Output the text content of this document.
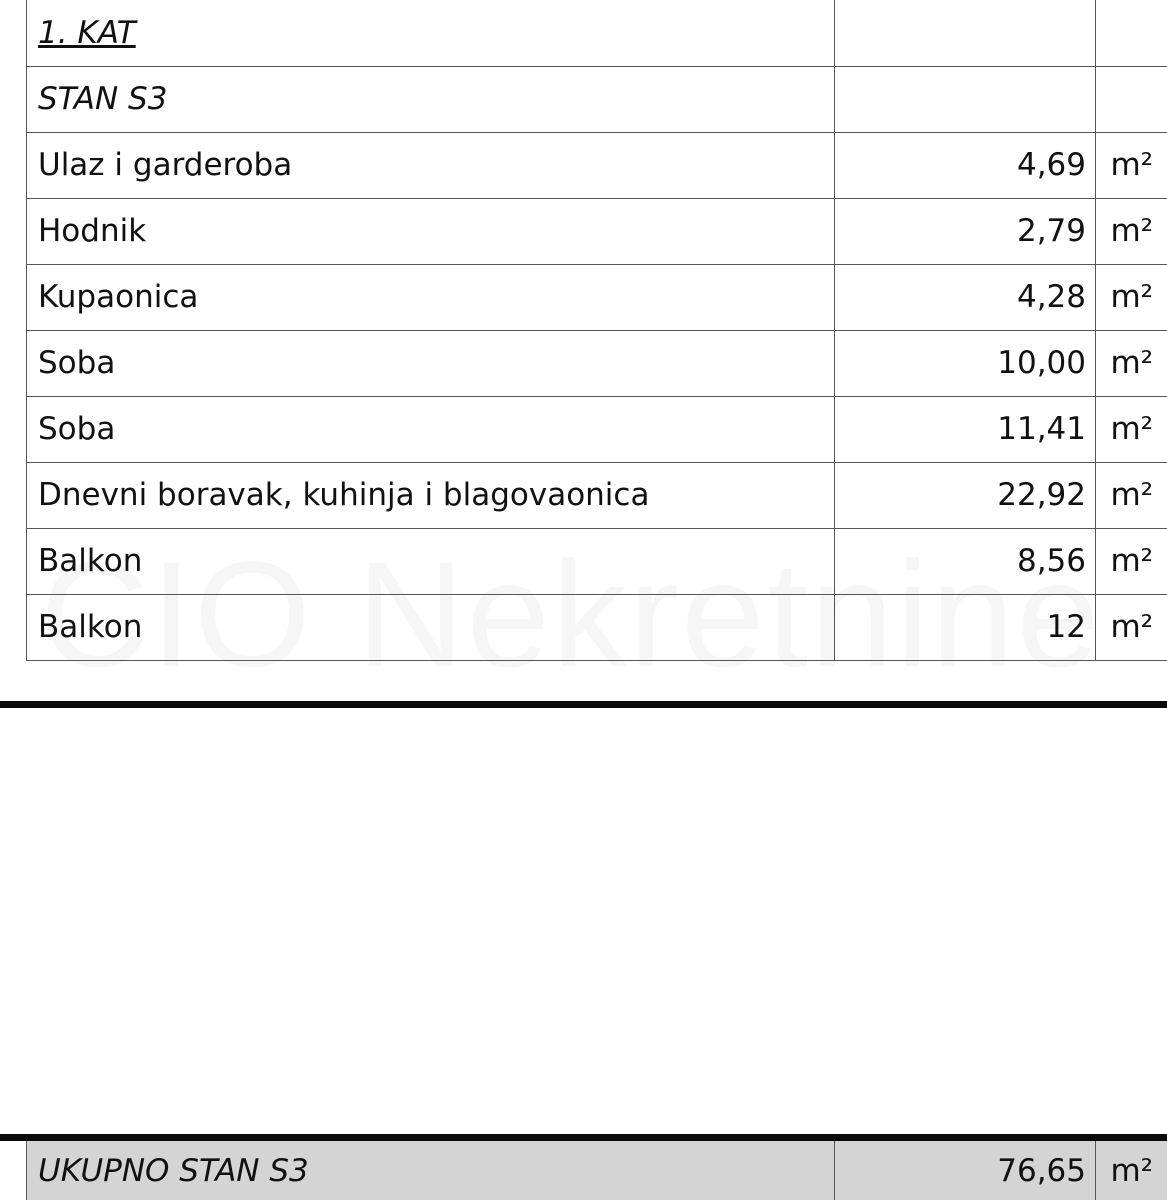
1. KAT		
STAN S3		
Ulaz i garderoba	4,69	m²
Hodnik	2,79	m²
Kupaonica	4,28	m²
Soba	10,00	m²
Soba	11,41	m²
Dnevni boravak, kuhinja i blagovaonica	22,92	m²
Balkon	8,56	m²
Balkon	12	m²
UKUPNO STAN S3	76,65	m²
